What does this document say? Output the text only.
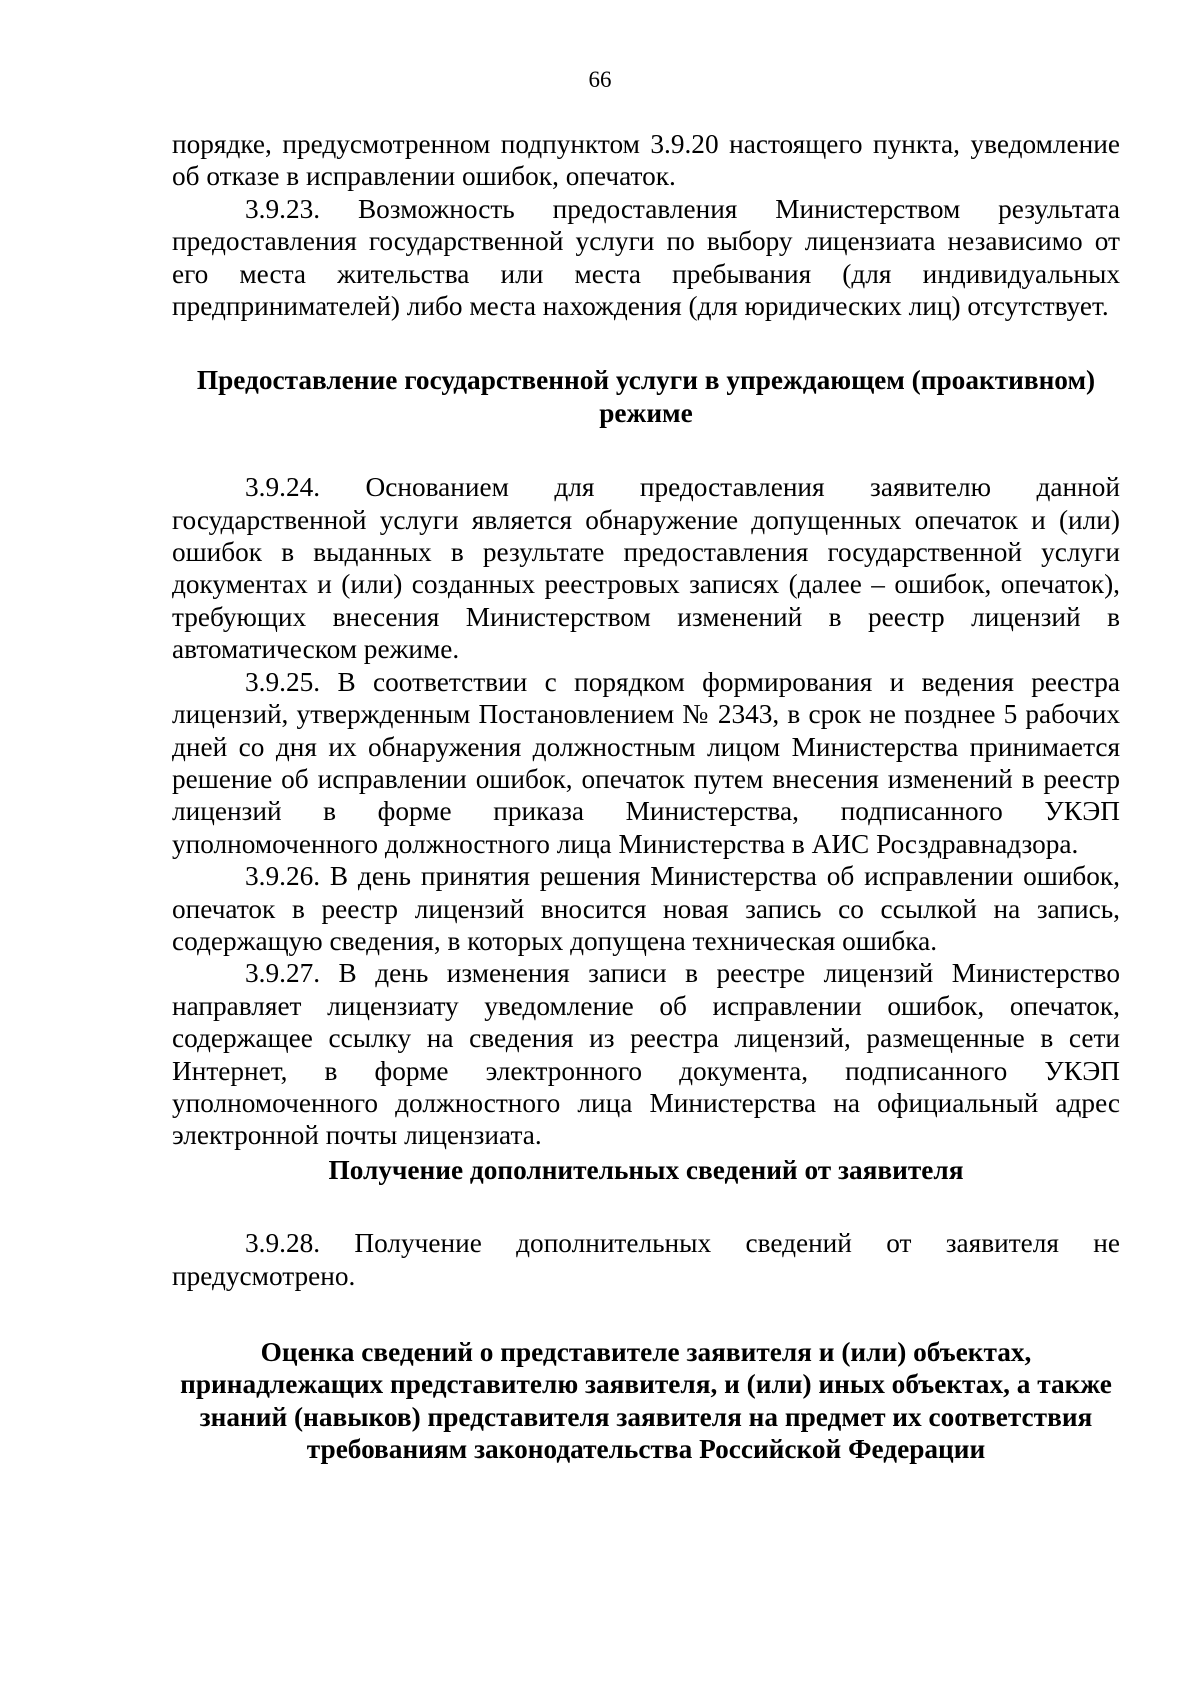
66

порядке, предусмотренном подпунктом 3.9.20 настоящего пункта, уведомление об отказе в исправлении ошибок, опечаток.

3.9.23. Возможность предоставления Министерством результата предоставления государственной услуги по выбору лицензиата независимо от его места жительства или места пребывания (для индивидуальных предпринимателей) либо места нахождения (для юридических лиц) отсутствует.

Предоставление государственной услуги в упреждающем (проактивном) режиме

3.9.24. Основанием для предоставления заявителю данной государственной услуги является обнаружение допущенных опечаток и (или) ошибок в выданных в результате предоставления государственной услуги документах и (или) созданных реестровых записях (далее – ошибок, опечаток), требующих внесения Министерством изменений в реестр лицензий в автоматическом режиме.

3.9.25. В соответствии с порядком формирования и ведения реестра лицензий, утвержденным Постановлением № 2343, в срок не позднее 5 рабочих дней со дня их обнаружения должностным лицом Министерства принимается решение об исправлении ошибок, опечаток путем внесения изменений в реестр лицензий в форме приказа Министерства, подписанного УКЭП уполномоченного должностного лица Министерства в АИС Росздравнадзора.

3.9.26. В день принятия решения Министерства об исправлении ошибок, опечаток в реестр лицензий вносится новая запись со ссылкой на запись, содержащую сведения, в которых допущена техническая ошибка.

3.9.27. В день изменения записи в реестре лицензий Министерство направляет лицензиату уведомление об исправлении ошибок, опечаток, содержащее ссылку на сведения из реестра лицензий, размещенные в сети Интернет, в форме электронного документа, подписанного УКЭП уполномоченного должностного лица Министерства на официальный адрес электронной почты лицензиата.

Получение дополнительных сведений от заявителя

3.9.28. Получение дополнительных сведений от заявителя не предусмотрено.

Оценка сведений о представителе заявителя и (или) объектах, принадлежащих представителю заявителя, и (или) иных объектах, а также знаний (навыков) представителя заявителя на предмет их соответствия требованиям законодательства Российской Федерации
